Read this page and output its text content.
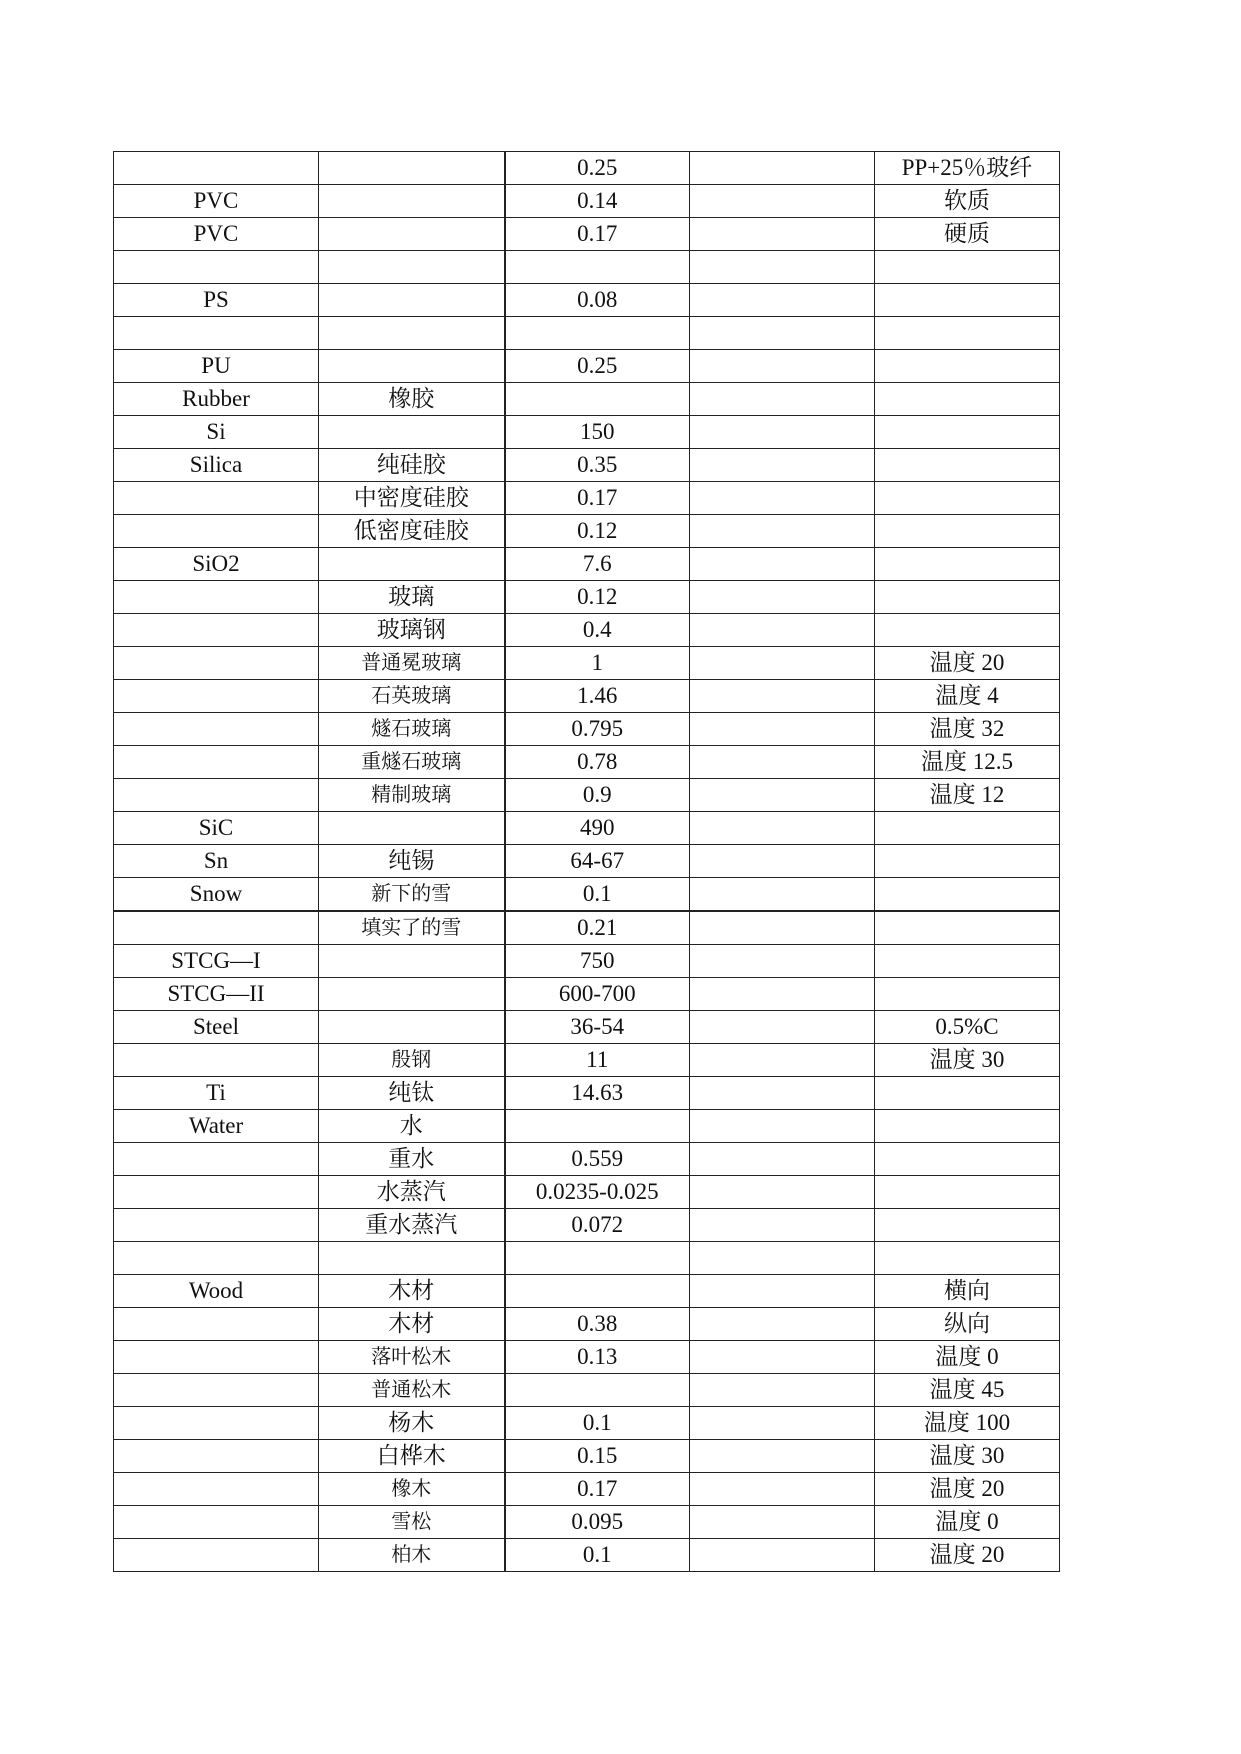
		0.25		PP+25％玻纤
PVC		0.14		软质
PVC		0.17		硬质

PS		0.08		

PU		0.25		
Rubber	橡胶			
Si		150		
Silica	纯硅胶	0.35		
	中密度硅胶	0.17		
	低密度硅胶	0.12		
SiO2		7.6		
	玻璃	0.12		
	玻璃钢	0.4		
	普通冕玻璃	1		温度 20
	石英玻璃	1.46		温度 4
	燧石玻璃	0.795		温度 32
	重燧石玻璃	0.78		温度 12.5
	精制玻璃	0.9		温度 12
SiC		490		
Sn	纯锡	64-67		
Snow	新下的雪	0.1		
	填实了的雪	0.21		
STCG—I		750		
STCG—II		600-700		
Steel		36-54		0.5%C
	殷钢	11		温度 30
Ti	纯钛	14.63		
Water	水			
	重水	0.559		
	水蒸汽	0.0235-0.025		
	重水蒸汽	0.072		

Wood	木材			横向
	木材	0.38		纵向
	落叶松木	0.13		温度 0
	普通松木			温度 45
	杨木	0.1		温度 100
	白桦木	0.15		温度 30
	橡木	0.17		温度 20
	雪松	0.095		温度 0
	柏木	0.1		温度 20
